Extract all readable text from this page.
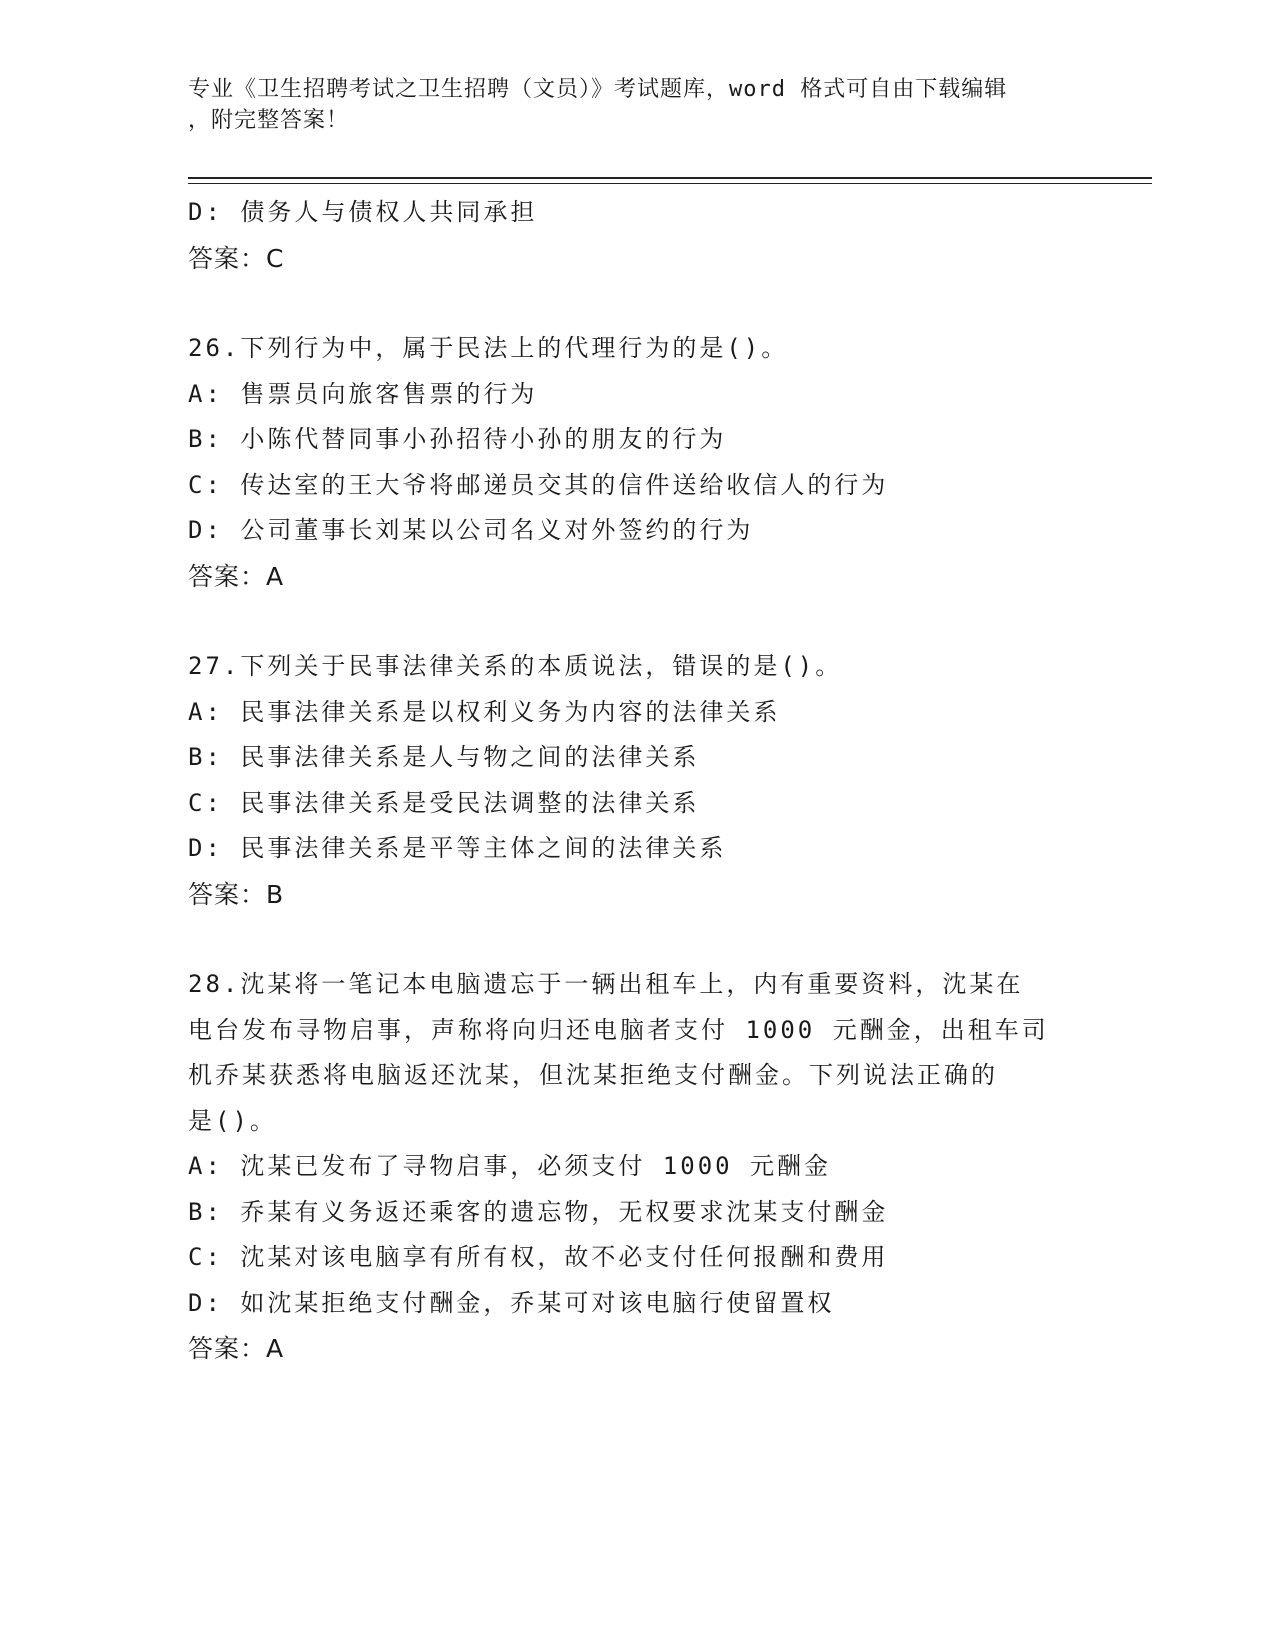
专业《卫生招聘考试之卫生招聘（文员）》考试题库，word 格式可自由下载编辑
，附完整答案！
D: 债务人与债权人共同承担
答案：C
26.下列行为中，属于民法上的代理行为的是()。
A: 售票员向旅客售票的行为
B: 小陈代替同事小孙招待小孙的朋友的行为
C: 传达室的王大爷将邮递员交其的信件送给收信人的行为
D: 公司董事长刘某以公司名义对外签约的行为
答案：A
27.下列关于民事法律关系的本质说法，错误的是()。
A: 民事法律关系是以权利义务为内容的法律关系
B: 民事法律关系是人与物之间的法律关系
C: 民事法律关系是受民法调整的法律关系
D: 民事法律关系是平等主体之间的法律关系
答案：B
28.沈某将一笔记本电脑遗忘于一辆出租车上，内有重要资料，沈某在
电台发布寻物启事，声称将向归还电脑者支付 1000 元酬金，出租车司
机乔某获悉将电脑返还沈某，但沈某拒绝支付酬金。下列说法正确的
是()。
A: 沈某已发布了寻物启事，必须支付 1000 元酬金
B: 乔某有义务返还乘客的遗忘物，无权要求沈某支付酬金
C: 沈某对该电脑享有所有权，故不必支付任何报酬和费用
D: 如沈某拒绝支付酬金，乔某可对该电脑行使留置权
答案：A
